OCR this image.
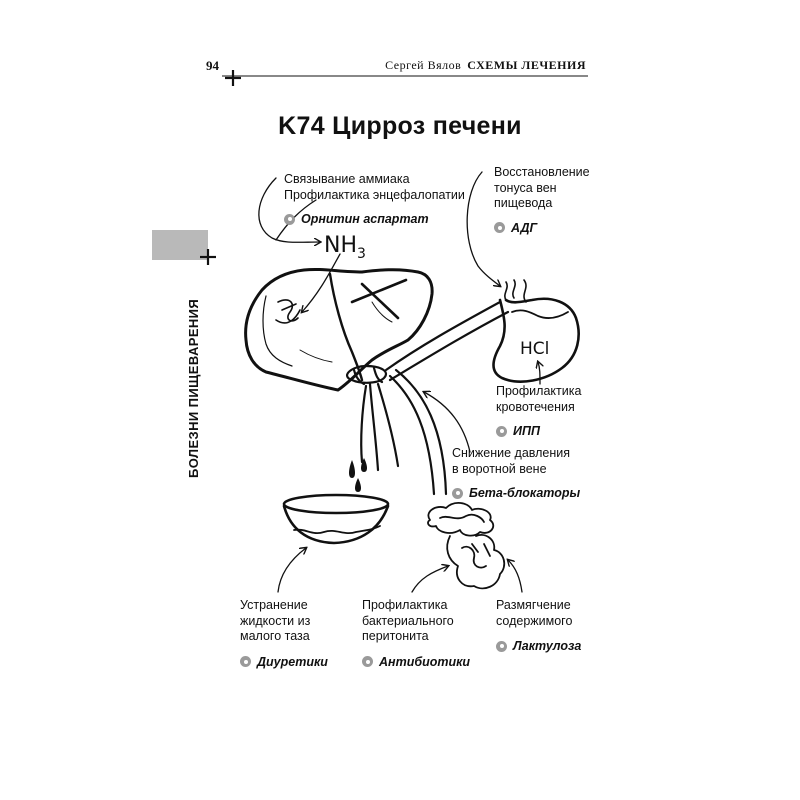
94	Сергей Вялов СХЕМЫ ЛЕЧЕНИЯ
K74 Цирроз печени
БОЛЕЗНИ ПИЩЕВАРЕНИЯ	HCl
$NH_3$
Связывание аммиака
Профилактика энцефалопатии
Орнитин аспартат
Восстановление
тонуса вен
пищевода
АДГ
Профилактика
кровотечения
ИПП
Снижение давления
в воротной вене
Бета-блокаторы
Устранение
жидкости из
малого таза
Диуретики
Профилактика
бактериального
перитонита
Антибиотики
Размягчение
содержимого
Лактулоза
